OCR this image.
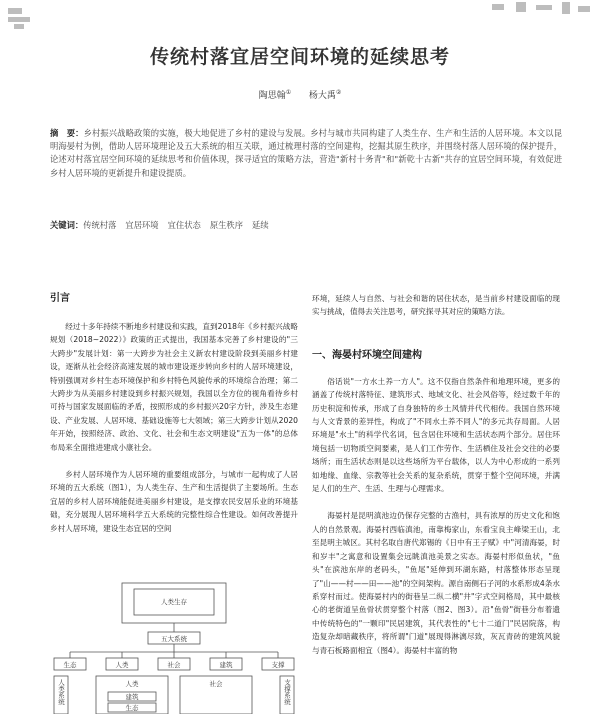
传统村落宜居空间环境的延续思考
陶思翰① 杨大禹②
摘　要：乡村振兴战略政策的实施，极大地促进了乡村的建设与发展。乡村与城市共同构建了人类生存、生产和生活的人居环境。本文以昆明海晏村为例，借助人居环境理论及五大系统的相互关联，通过梳理村落的空间建构，挖掘其原生秩序，并围绕村落人居环境的保护提升，论述对村落宜居空间环境的延续思考和价值体现，探寻适宜的策略方法，营造"新村十务青"和"新乾十古新"共存的宜居空间环境，有效促进乡村人居环境的更新提升和建设提质。
关键词：传统村落 宜居环境 宜住状态 原生秩序 延续
引言

经过十多年持续不断地乡村建设和实践，直到2018年《乡村振兴战略规划（2018~2022）》政策的正式提出，我国基本完善了乡村建设的"三大跨步"发展计划：第一大跨步为社会主义新农村建设阶段到美丽乡村建设，逐渐从社会经济高速发展的城市建设逐步转向乡村的人居环境建设，特别强调对乡村生态环境保护和乡村特色风貌传承的环境综合治理；第二大跨步为从美丽乡村建设到乡村振兴规划，我国以全方位的视角看待乡村可持与国家发展面临的矛盾，按照形成的乡村振兴20字方针，涉及生态建设、产业发展、人居环境、基础设施等七大领域；第三大跨步计划从2020年开始，按照经济、政治、文化、社会和生态文明建设"五为一体"的总体布局来全面推进建成小康社会。

乡村人居环境作为人居环境的重要组成部分，与城市一起构成了人居环境的五大系统（图1），为人类生存、生产和生活提供了主要场所。生态宜居的乡村人居环境能促进美丽乡村建设，是支撑农民安居乐业的环境基础，充分展现人居环境科学五大系统的完整性综合性建设。如何改善提升乡村人居环境，建设生态宜居的空间

环境，延续人与自然、与社会和谐的居住状态，是当前乡村建设面临的现实与挑战，值得去关注思考，研究探寻其对应的策略方法。

一、海晏村环境空间建构

俗话说"一方水土养一方人"。这不仅指自然条件和地理环境，更多的涵盖了传统村落特征、建筑形式、地域文化、社会风俗等，经过数千年的历史积淀和传承，形成了自身独特的乡土风情并代代相传。我国自然环境与人文背景的差异性，构成了"不同水土养不同人"的多元共存局面。人居环境是"水土"的科学代名词，包含居住环境和生活状态两个部分。居住环境包括一切物质空间要素，是人们工作劳作、生活栖住及社会交往的必要场所；而生活状态则是以这些场所为平台载体，以人为中心形成的一系列如地缘、血缘、宗教等社会关系的复杂系统，贯穿于整个空间环境，并满足人们的生产、生活、生理与心理需求。

海晏村是昆明滇池边仍保存完整的古渔村，具有浓厚的历史文化和饱人的自然景观。海晏村西临滇池，南靠梅家山，东看宝良主峰梁王山，北至昆明主城区。其村名取自唐代郑锡的《日中有王子赋》中"河清海晏，时和岁丰"之寓意和设置集会远眺滇池美景之实态。海晏村形似鱼状，"鱼头"在滨池东岸的老码头，"鱼尾"延伸到环湖东路，村落整体形态呈现了"山——村——田——池"的空间架构。源自南侧石子河的水系形成4条水系穿村而过。使海晏村内的街巷呈二纵二横"井"字式空间格局，其中最核心的老街道呈鱼骨状贯穿整个村落（图2、图3）。沿"鱼骨"街巷分布着遗中传统特色的"一颗印"民居建筑，其代表性的"七十二道门"民居院落，构造复杂却暗藏秩序，将所谓"门道"展现得淋漓尽致，灰瓦青砖的建筑风貌与青石板路面相宜（图4）。海晏村丰富的物

人类生存
五大系统
生态	人类	社会	建筑	支撑
人类系统	支撑系统
人类	社会
建筑
生态
